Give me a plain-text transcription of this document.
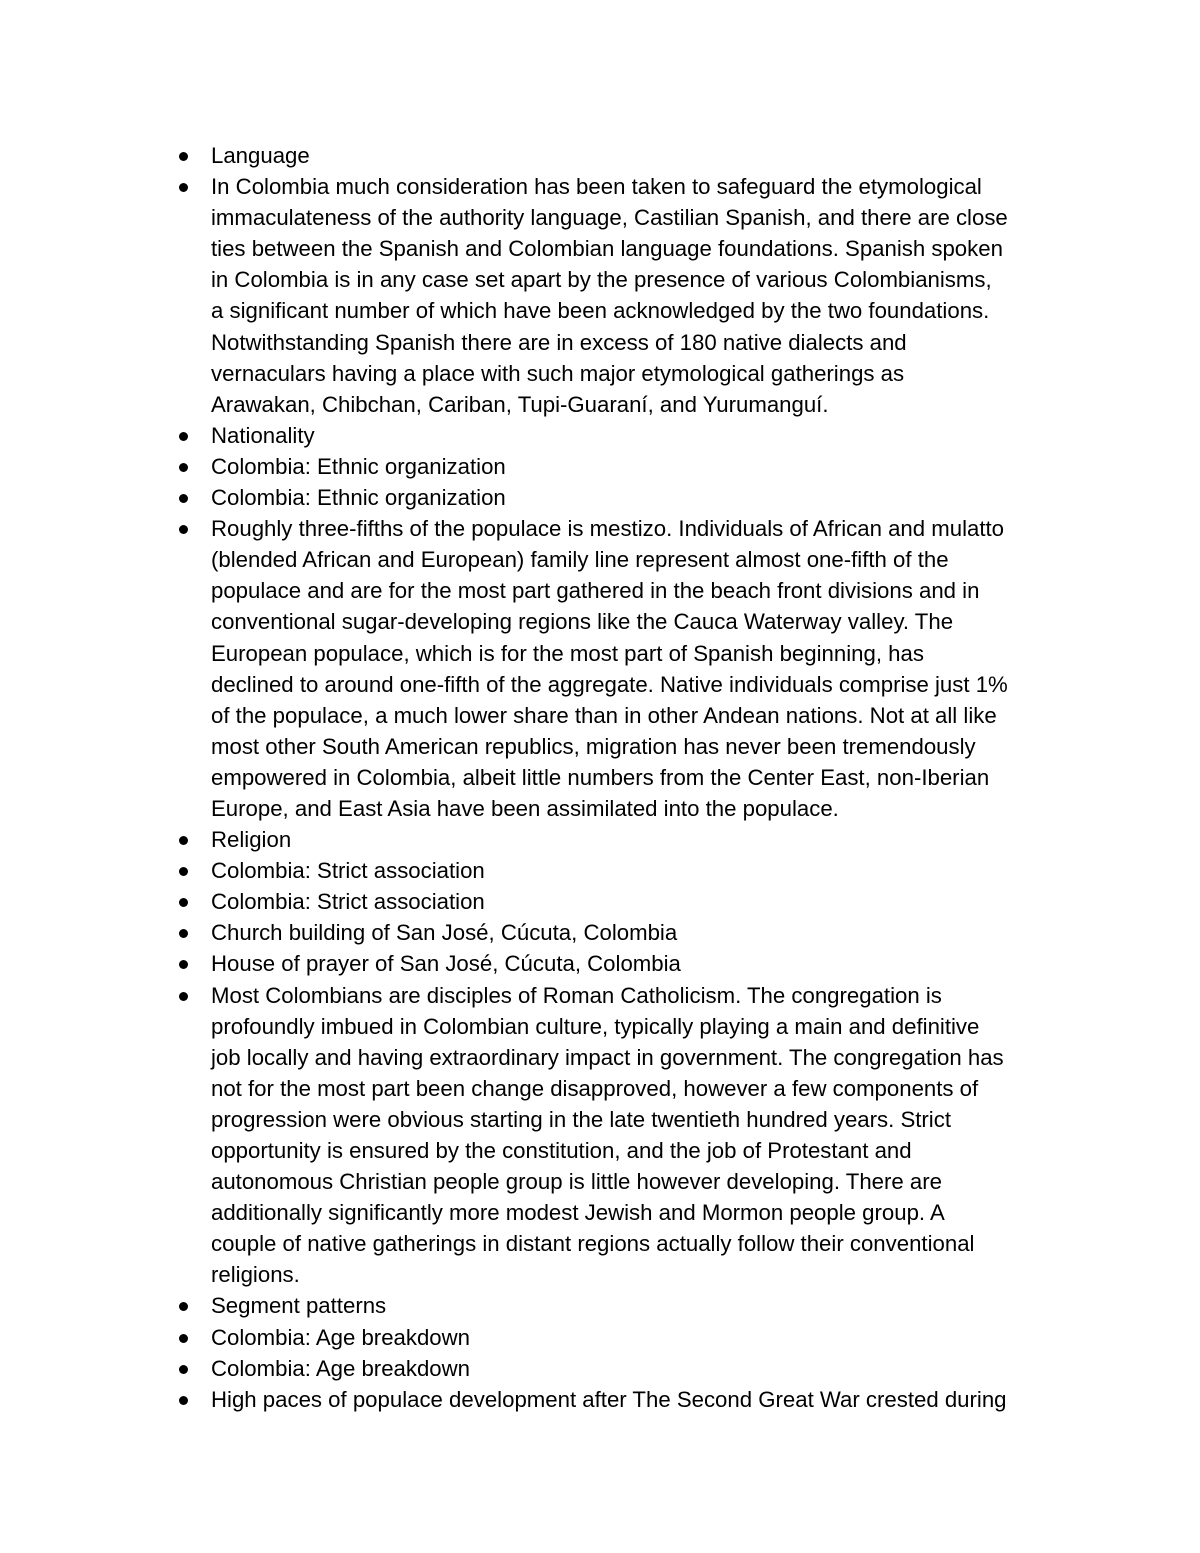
Language
In Colombia much consideration has been taken to safeguard the etymological
immaculateness of the authority language, Castilian Spanish, and there are close
ties between the Spanish and Colombian language foundations. Spanish spoken
in Colombia is in any case set apart by the presence of various Colombianisms,
a significant number of which have been acknowledged by the two foundations.
Notwithstanding Spanish there are in excess of 180 native dialects and
vernaculars having a place with such major etymological gatherings as
Arawakan, Chibchan, Cariban, Tupi-Guaraní, and Yurumanguí.
Nationality
Colombia: Ethnic organization
Colombia: Ethnic organization
Roughly three-fifths of the populace is mestizo. Individuals of African and mulatto
(blended African and European) family line represent almost one-fifth of the
populace and are for the most part gathered in the beach front divisions and in
conventional sugar-developing regions like the Cauca Waterway valley. The
European populace, which is for the most part of Spanish beginning, has
declined to around one-fifth of the aggregate. Native individuals comprise just 1%
of the populace, a much lower share than in other Andean nations. Not at all like
most other South American republics, migration has never been tremendously
empowered in Colombia, albeit little numbers from the Center East, non-Iberian
Europe, and East Asia have been assimilated into the populace.
Religion
Colombia: Strict association
Colombia: Strict association
Church building of San José, Cúcuta, Colombia
House of prayer of San José, Cúcuta, Colombia
Most Colombians are disciples of Roman Catholicism. The congregation is
profoundly imbued in Colombian culture, typically playing a main and definitive
job locally and having extraordinary impact in government. The congregation has
not for the most part been change disapproved, however a few components of
progression were obvious starting in the late twentieth hundred years. Strict
opportunity is ensured by the constitution, and the job of Protestant and
autonomous Christian people group is little however developing. There are
additionally significantly more modest Jewish and Mormon people group. A
couple of native gatherings in distant regions actually follow their conventional
religions.
Segment patterns
Colombia: Age breakdown
Colombia: Age breakdown
High paces of populace development after The Second Great War crested during
